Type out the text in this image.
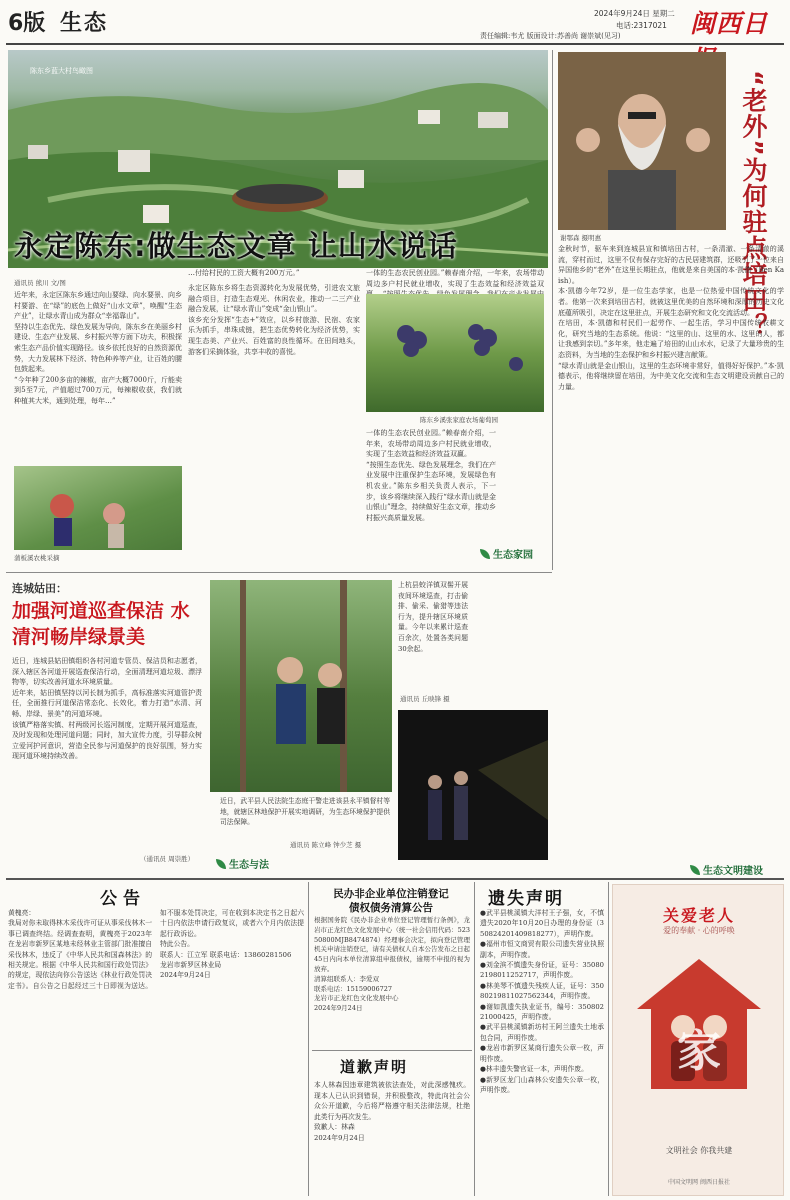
6版 生态	2024年9月24日 星期二
电话:2317021
责任编辑:韦尤 版面设计:苏善尚 谢崇斌(见习)	闽西日
陈东乡蓝大村鸟瞰图
永定陈东:做生态文章 让山水说话
通讯员 熊川 文/图
近年来，永定区陈东乡通过向山要绿、向水要景、向乡村要游、在“绿”的底色上做好“山水文章”，唤醒“生态产业”，让绿水青山成为群众“幸福靠山”。
坚持以生态优先、绿色发展为导向，陈东乡在美丽乡村建设、生态产业发展、乡村振兴等方面下功夫，积极探索生态产品价值实现路径。该乡依托良好的自然资源优势，大力发展林下经济、特色种养等产业，让百姓的腰包鼓起来。
“今年种了200多亩的辣椒，亩产大概7000斤，斤能卖到5至7元，产值超过700万元，每辣椒收获，我们就种植其大米，通到处理，每年…”
蒲板溪农桃采摘
…付给村民的工资大概有200万元。”
永定区陈东乡将生态资源转化为发展优势，引进农文旅融合项目，打造生态观光、休闲农业，推动一二三产业融合发展，让“绿水青山”变成“金山银山”。
该乡充分发挥“生态+”效应，以乡村旅游、民宿、农家乐为抓手，串珠成链，把生态优势转化为经济优势，实现生态美、产业兴、百姓富的良性循环。在田间地头，游客们采摘体验，共享丰收的喜悦。
一体的生态农民创业园。”赖春南介绍，一年来，农场带动周边多户村民就业增收，实现了生态效益和经济效益双
陈东乡溪张家庭农场葡萄园
一体的生态农民创业园。”赖春南介绍，一年来，农场带动周边多户村民就业增收，实现了生态效益和经济效益双赢。
“按照生态优先、绿色发展理念，我们在产业发展中注重保护生态环境，发展绿色有机农业。”陈东乡相关负责人表示，下一步，该乡将继续深入践行“绿水青山就是金山银山”理念，持续做好生态文章，推动乡村振兴高质量发展。
生态家园
谢鄂森 摄明惠	“老外”为何驻点培田？
金秋时节，驱车来到连城县宣和镇培田古村，一条清澈、一条清澈的溪流，穿村而过，这里不仅有保存完好的古民居建筑群，还吸引了一位来自异国他乡的“老外”在这里长期驻点，他就是来自美国的本·凯德（Ben Kaish）。
本·凯德今年72岁，是一位生态学家，也是一位热爱中国传统文化的学者。他第一次来到培田古村，就被这里优美的自然环境和深厚的历史文化底蕴所吸引，决定在这里驻点，开展生态研究和文化交流活动。
在培田，本·凯德和村民们一起劳作、一起生活，学习中国传统农耕文化，研究当地的生态系统。他说：“这里的山、这里的水、这里的人，都让我感到亲切。”多年来，他走遍了培田的山山水水，记录了大量珍贵的生态资料，为当地的生态保护和乡村振兴建言献策。
“绿水青山就是金山银山，这里的生态环境非常好，值得好好保护。”本·凯德表示，他将继续留在培田，为中美文化交流和生态文明建设贡献自己的力量。
生态文明建设
连城姑田：
加强河道巡查保洁 水清河畅岸绿景美
近日，连城县姑田镇组织各村河道专管员、保洁员和志愿者，深入辖区各河道开展巡查保洁行动，全面清理河道垃圾、漂浮物等，切实改善河道水环境质量。
近年来，姑田镇坚持以河长制为抓手，高标准落实河道管护责任，全面推行河道保洁常态化、长效化，着力打造“水清、河畅、岸绿、景美”的河道环境。
该镇严格落实镇、村两级河长巡河制度，定期开展河道巡查，及时发现和处理河道问题；同时，加大宣传力度，引导群众树立爱河护河意识，营造全民参与河道保护的良好氛围，努力实现河道环境持续改善。
（通讯员 周崇胜）
近日，武平县人民法院生态庭干警走进该县永平镇督村等地，就辖区林地保护开展实地调研，为生态环境保护提供司法保障。
通讯员 陈立峰 钟少芝 摄
生态与法
上杭县蛟洋镇双髻开展夜间环境巡查，打击偷排、偷采、偷猎等违法行为，提升辖区环境质量。今年以来累计巡查百余次，处置各类问题30余起。
通讯员 丘映锋 摄
公告
黄槐亮：
我局对你未取得林木采伐许可证从事采伐林木一事已调查终结。经调查查明，黄槐亮于2023年在龙岩市新罗区某地未经林业主管部门批准擅自采伐林木，违反了《中华人民共和国森林法》的相关规定。根据《中华人民共和国行政处罚法》的规定，现依法向你公告送达《林业行政处罚决定书》。自公告之日起经过三十日即视为送达。如不服本处罚决定，可在收到本决定书之日起六十日内依法申请行政复议，或者六个月内依法提起行政诉讼。
特此公告。
联系人：江立军 联系电话：13860281506
龙岩市新罗区林业局
2024年9月24日
民办非企业单位注销登记
债权债务清算公告
根据国务院《民办非企业单位登记管理暂行条例》，龙岩市正龙红色文化发展中心（统一社会信用代码：52350800MJB8474874）经理事会决定，拟向登记管理机关申请注销登记，请有关债权人自本公告发布之日起45日内向本单位清算组申报债权，逾期不申报的视为放弃。
清算组联系人：李爱双
联系电话：15159006727
龙岩市正龙红色文化发展中心
2024年9月24日
道歉声明
本人林森因违章建筑被依法查处，对此深感愧疚。现本人已认识到错误，并积极整改，特此向社会公众公开道歉，今后将严格遵守相关法律法规，杜绝此类行为再次发生。
致歉人：林森
2024年9月24日
遗失声明
●武平县桃溪镇大洋村王子强，女，不慎遗失2020年10月20日办理的身份证（350824201409818277），声明作废。
●福州市恒文商贸有限公司遗失营业执照副本，声明作废。
●刘金滨不慎遗失身份证，证号：350802198011252717，声明作废。
●林美琴不慎遗失残疾人证，证号：35080219811027562344，声明作废。
●谢如凯遗失执业证书，编号：35080221000425，声明作废。
●武平县桃溪镇新坊村王阿兰遗失土地承包合同，声明作废。
●龙岩市新罗区某商行遗失公章一枚，声明作废。
●林丰遗失警官证一本，声明作废。
●新罗区龙门山森林公安遗失公章一枚，声明作废。
关爱老人
爱的奉献 · 心的呼唤
家
文明社会 你我共建
中国文明网 闽西日报社
